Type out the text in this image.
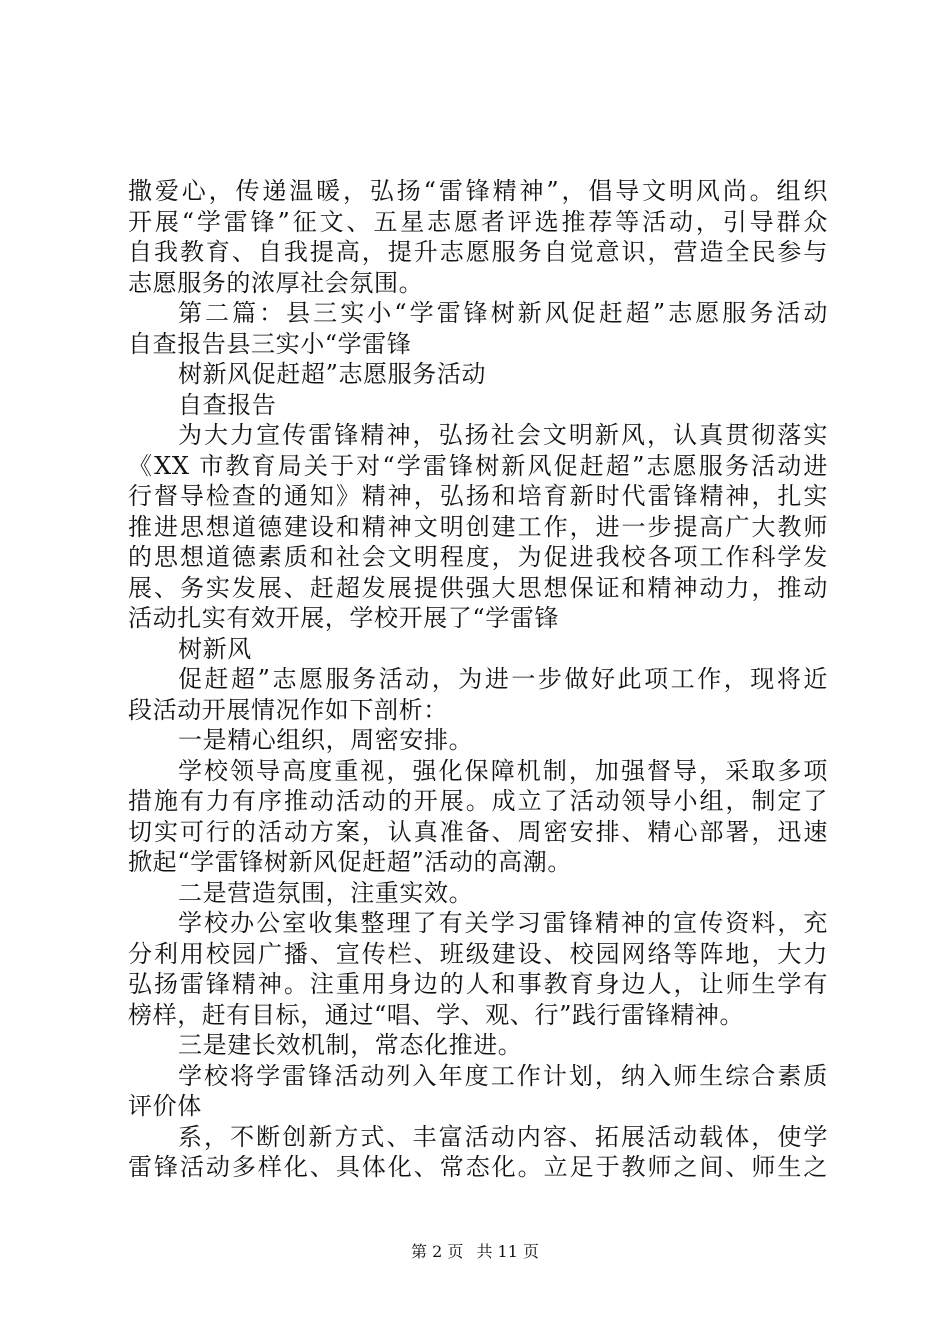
撒爱心，传递温暖，弘扬“雷锋精神”，倡导文明风尚。组织
开展“学雷锋”征文、五星志愿者评选推荐等活动，引导群众
自我教育、自我提高，提升志愿服务自觉意识，营造全民参与
志愿服务的浓厚社会氛围。
第二篇：县三实小“学雷锋树新风促赶超”志愿服务活动
自查报告县三实小“学雷锋
树新风促赶超”志愿服务活动
自查报告
为大力宣传雷锋精神，弘扬社会文明新风，认真贯彻落实
《XX 市教育局关于对“学雷锋树新风促赶超”志愿服务活动进
行督导检查的通知》精神，弘扬和培育新时代雷锋精神，扎实
推进思想道德建设和精神文明创建工作，进一步提高广大教师
的思想道德素质和社会文明程度，为促进我校各项工作科学发
展、务实发展、赶超发展提供强大思想保证和精神动力，推动
活动扎实有效开展，学校开展了“学雷锋
树新风
促赶超”志愿服务活动，为进一步做好此项工作，现将近
段活动开展情况作如下剖析：
一是精心组织，周密安排。
学校领导高度重视，强化保障机制，加强督导，采取多项
措施有力有序推动活动的开展。成立了活动领导小组，制定了
切实可行的活动方案，认真准备、周密安排、精心部署，迅速
掀起“学雷锋树新风促赶超”活动的高潮。
二是营造氛围，注重实效。
学校办公室收集整理了有关学习雷锋精神的宣传资料，充
分利用校园广播、宣传栏、班级建设、校园网络等阵地，大力
弘扬雷锋精神。注重用身边的人和事教育身边人，让师生学有
榜样，赶有目标，通过“唱、学、观、行”践行雷锋精神。
三是建长效机制，常态化推进。
学校将学雷锋活动列入年度工作计划，纳入师生综合素质
评价体
系，不断创新方式、丰富活动内容、拓展活动载体，使学
雷锋活动多样化、具体化、常态化。立足于教师之间、师生之
第 2 页 共 11 页
